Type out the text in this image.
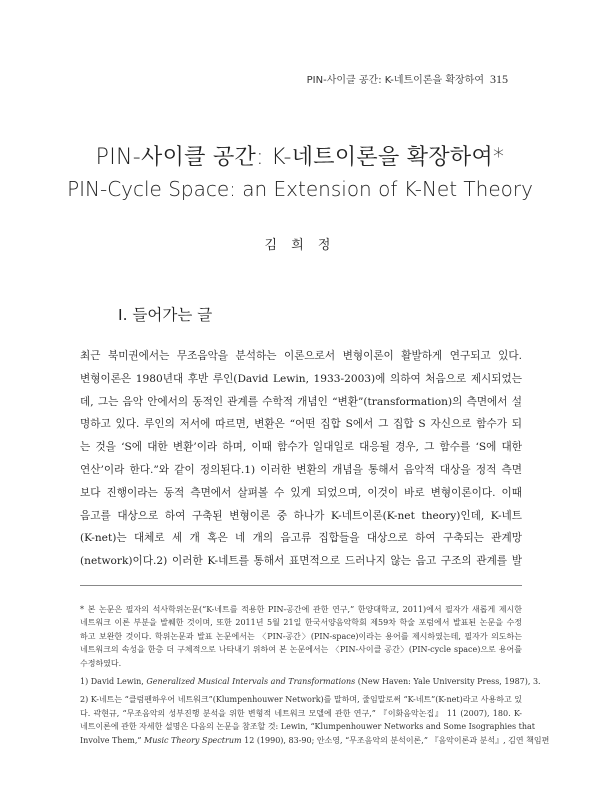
PIN-사이클 공간: K-네트이론을 확장하여 315
PIN-사이클 공간: K-네트이론을 확장하여*
PIN-Cycle Space: an Extension of K-Net Theory
김 희 정
I. 들어가는 글
최근 북미권에서는 무조음악을 분석하는 이론으로서 변형이론이 활발하게 연구되고 있다.
변형이론은 1980년대 후반 루인(David Lewin, 1933-2003)에 의하여 처음으로 제시되었는
데, 그는 음악 안에서의 동적인 관계를 수학적 개념인 “변환”(transformation)의 측면에서 설
명하고 있다. 루인의 저서에 따르면, 변환은 “어떤 집합 S에서 그 집합 S 자신으로 함수가 되
는 것을 ‘S에 대한 변환’이라 하며, 이때 함수가 일대일로 대응될 경우, 그 함수를 ‘S에 대한
연산’이라 한다.”와 같이 정의된다.1) 이러한 변환의 개념을 통해서 음악적 대상을 정적 측면
보다 진행이라는 동적 측면에서 살펴볼 수 있게 되었으며, 이것이 바로 변형이론이다. 이때
음고를 대상으로 하여 구축된 변형이론 중 하나가 K-네트이론(K-net theory)인데, K-네트
(K-net)는 대체로 세 개 혹은 네 개의 음고류 집합들을 대상으로 하여 구축되는 관계망
(network)이다.2) 이러한 K-네트를 통해서 표면적으로 드러나지 않는 음고 구조의 관계를 발
* 본 논문은 필자의 석사학위논문(“K-네트를 적용한 PIN-공간에 관한 연구,” 한양대학교, 2011)에서 필자가 새롭게 제시한
네트워크 이론 부분을 발췌한 것이며, 또한 2011년 5월 21일 한국서양음악학회 제59차 학술 포럼에서 발표된 논문을 수정
하고 보완한 것이다. 학위논문과 발표 논문에서는 〈PIN-공간〉(PIN-space)이라는 용어를 제시하였는데, 필자가 의도하는
네트워크의 속성을 한층 더 구체적으로 나타내기 위하여 본 논문에서는 〈PIN-사이클 공간〉(PIN-cycle space)으로 용어를
수정하였다.
1) David Lewin, Generalized Musical Intervals and Transformations (New Haven: Yale University Press, 1987), 3.
2) K-네트는 “클럼펜하우어 네트워크”(Klumpenhouwer Network)를 말하며, 줄임말로써 “K-네트”(K-net)라고 사용하고 있
다. 곽현규, “무조음악의 성부진행 분석을 위한 변형적 네트워크 모델에 관한 연구,” 『이화음악논집』 11 (2007), 180. K-
네트이론에 관한 자세한 설명은 다음의 논문을 참조할 것: Lewin, “Klumpenhouwer Networks and Some Isographies that
Involve Them,” Music Theory Spectrum 12 (1990), 83-90; 안소영, “무조음악의 분석이론,” 『음악이론과 분석』, 김연 책임편
